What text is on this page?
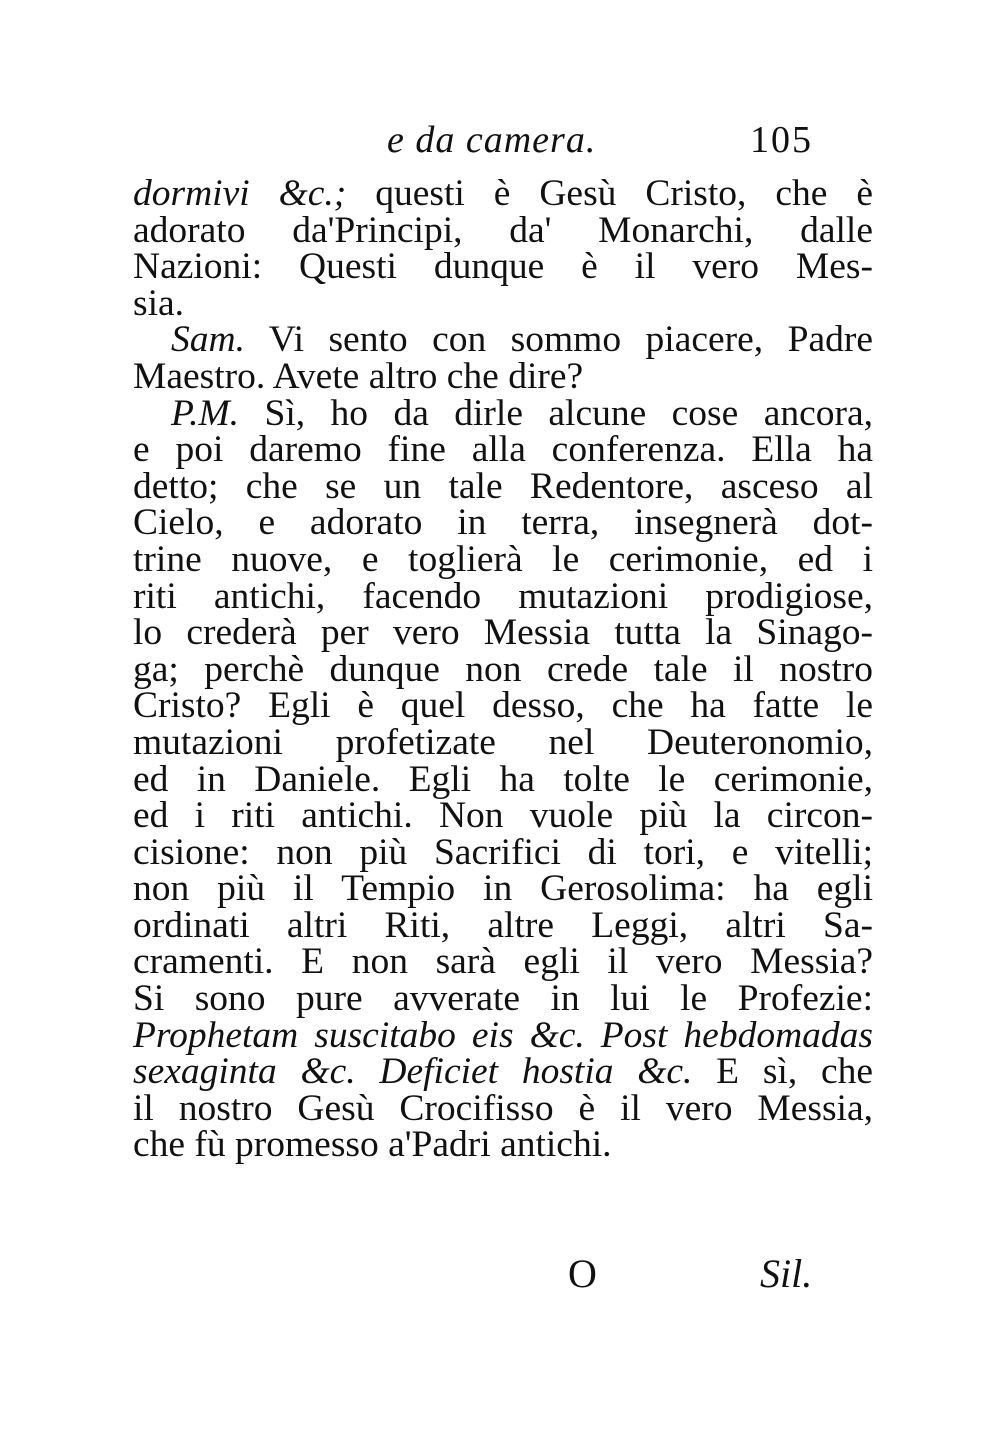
e da camera.	105
dormivi &c.; questi è Gesù Cristo, che è
adorato da'Principi, da' Monarchi, dalle
Nazioni: Questi dunque è il vero Mes-
sia.
Sam. Vi sento con sommo piacere, Padre
Maestro. Avete altro che dire?
P.M. Sì, ho da dirle alcune cose ancora,
e poi daremo fine alla conferenza. Ella ha
detto; che se un tale Redentore, asceso al
Cielo, e adorato in terra, insegnerà dot-
trine nuove, e toglierà le cerimonie, ed i
riti antichi, facendo mutazioni prodigiose,
lo crederà per vero Messia tutta la Sinago-
ga; perchè dunque non crede tale il nostro
Cristo? Egli è quel desso, che ha fatte le
mutazioni profetizate nel Deuteronomio,
ed in Daniele. Egli ha tolte le cerimonie,
ed i riti antichi. Non vuole più la circon-
cisione: non più Sacrifici di tori, e vitelli;
non più il Tempio in Gerosolima: ha egli
ordinati altri Riti, altre Leggi, altri Sa-
cramenti. E non sarà egli il vero Messia?
Si sono pure avverate in lui le Profezie:
Prophetam suscitabo eis &c. Post hebdomadas
sexaginta &c. Deficiet hostia &c. E sì, che
il nostro Gesù Crocifisso è il vero Messia,
che fù promesso a'Padri antichi.
O	Sil.
